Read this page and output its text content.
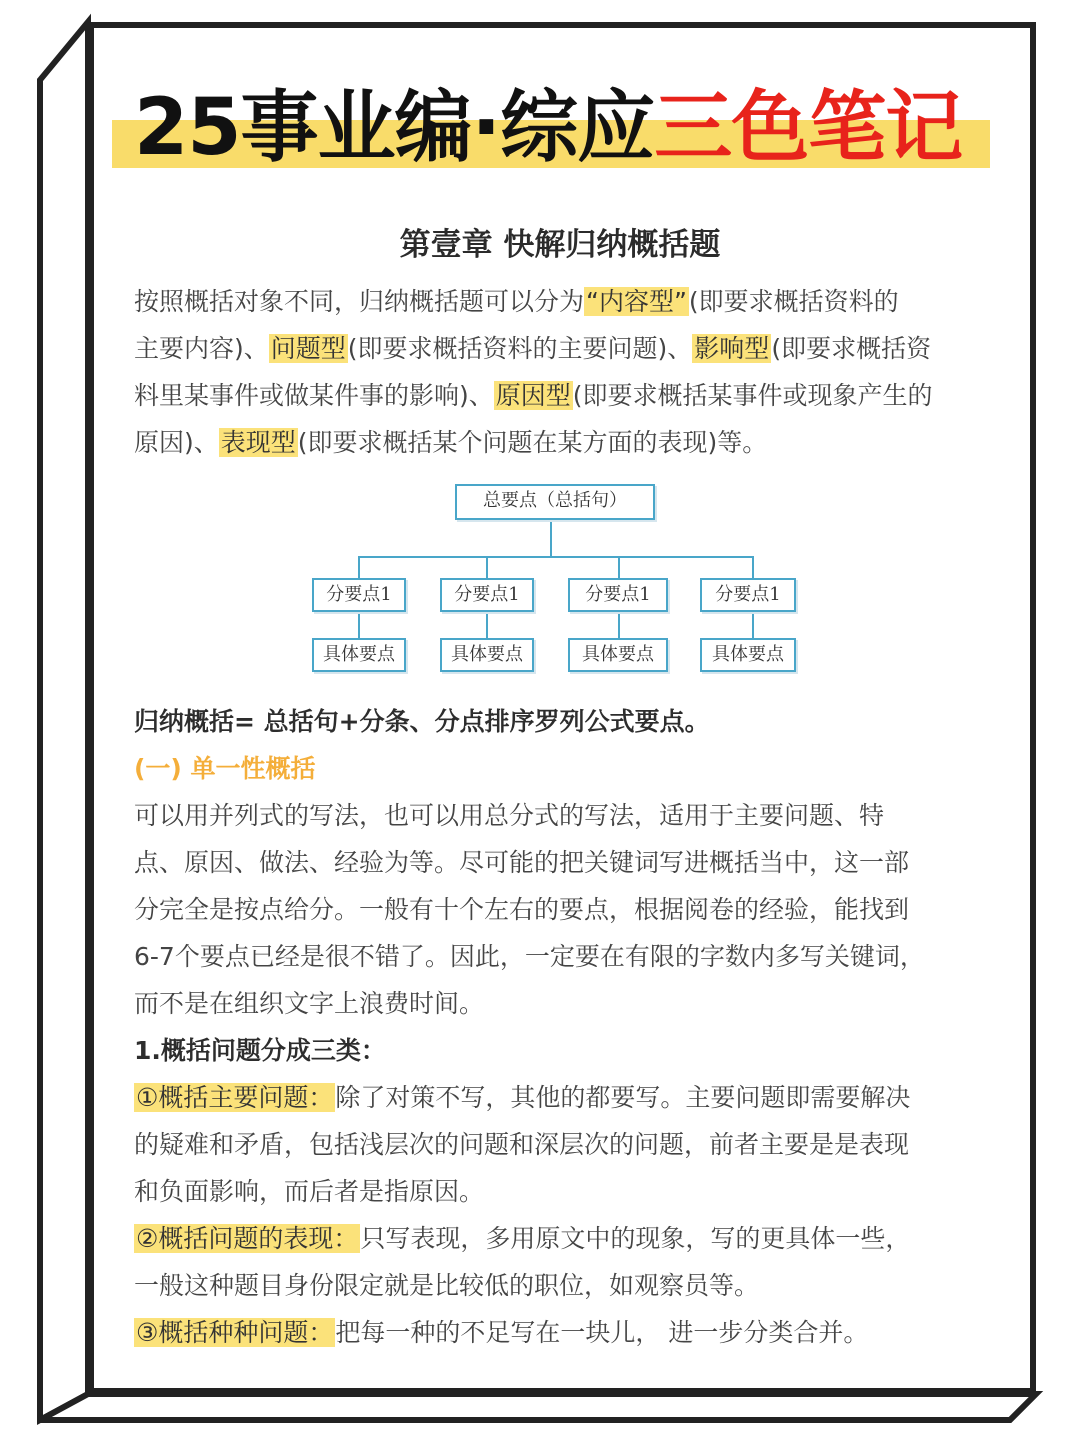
25事业编·综应三色笔记
第壹章 快解归纳概括题

按照概括对象不同，归纳概括题可以分为“内容型”(即要求概括资料的

主要内容)、问题型(即要求概括资料的主要问题)、影响型(即要求概括资

料里某事件或做某件事的影响)、原因型(即要求概括某事件或现象产生的

原因)、表现型(即要求概括某个问题在某方面的表现)等。

总要点（总括句）
分要点1	分要点1	分要点1	分要点1
具体要点	具体要点	具体要点	具体要点
归纳概括= 总括句+分条、分点排序罗列公式要点。
(一) 单一性概括

可以用并列式的写法，也可以用总分式的写法，适用于主要问题、特

点、原因、做法、经验为等。尽可能的把关键词写进概括当中，这一部

分完全是按点给分。一般有十个左右的要点，根据阅卷的经验，能找到

6-7个要点已经是很不错了。因此，一定要在有限的字数内多写关键词，

而不是在组织文字上浪费时间。

1.概括问题分成三类：

①概括主要问题：除了对策不写，其他的都要写。主要问题即需要解决

的疑难和矛盾，包括浅层次的问题和深层次的问题，前者主要是是表现

和负面影响，而后者是指原因。

②概括问题的表现：只写表现，多用原文中的现象，写的更具体一些，

一般这种题目身份限定就是比较低的职位，如观察员等。

③概括种种问题：把每一种的不足写在一块儿， 进一步分类合并。
